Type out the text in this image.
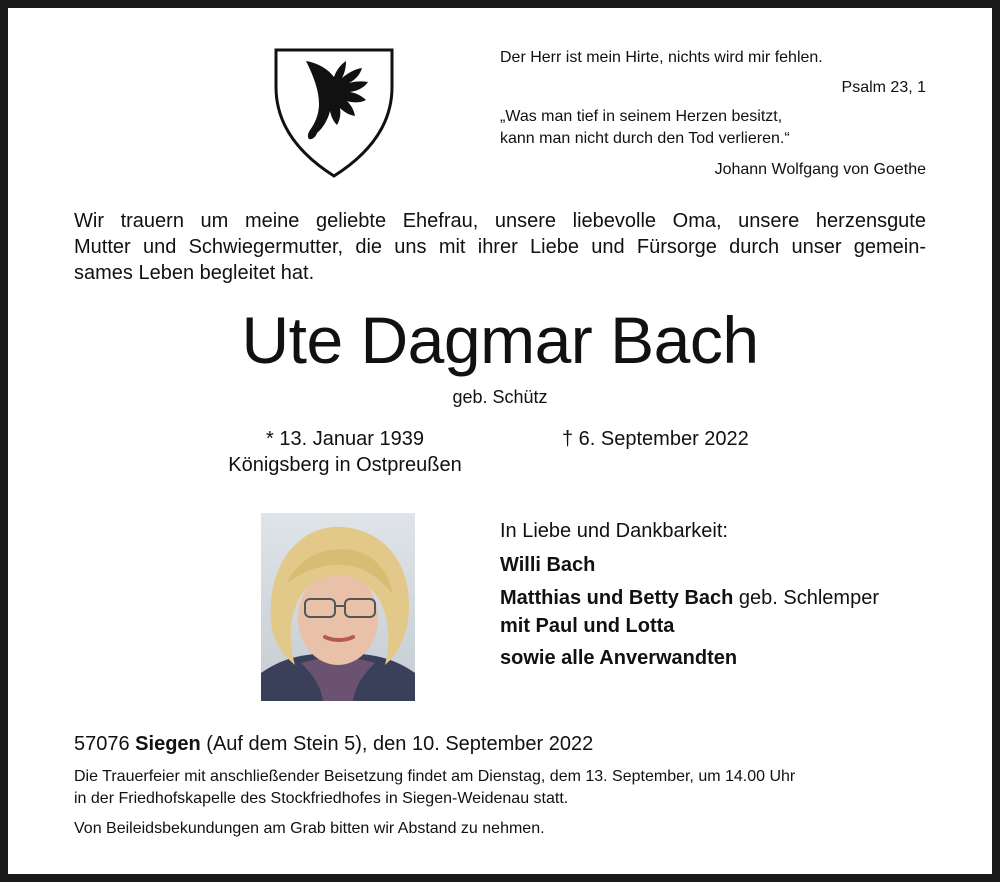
Der Herr ist mein Hirte, nichts wird mir fehlen.
Psalm 23, 1
„Was man tief in seinem Herzen besitzt,
kann man nicht durch den Tod verlieren.“
Johann Wolfgang von Goethe
Wir trauern um meine geliebte Ehefrau, unsere liebevolle Oma, unsere herzensgute
Mutter und Schwiegermutter, die uns mit ihrer Liebe und Fürsorge durch unser gemein-
sames Leben begleitet hat.
Ute Dagmar Bach
geb. Schütz
* 13. Januar 1939
Königsberg in Ostpreußen
† 6. September 2022
In Liebe und Dankbarkeit:
Willi Bach
Matthias und Betty Bach geb. Schlemper
mit Paul und Lotta
sowie alle Anverwandten
57076 Siegen (Auf dem Stein 5), den 10. September 2022
Die Trauerfeier mit anschließender Beisetzung findet am Dienstag, dem 13. September, um 14.00 Uhr
in der Friedhofskapelle des Stockfriedhofes in Siegen-Weidenau statt.
Von Beileidsbekundungen am Grab bitten wir Abstand zu nehmen.
